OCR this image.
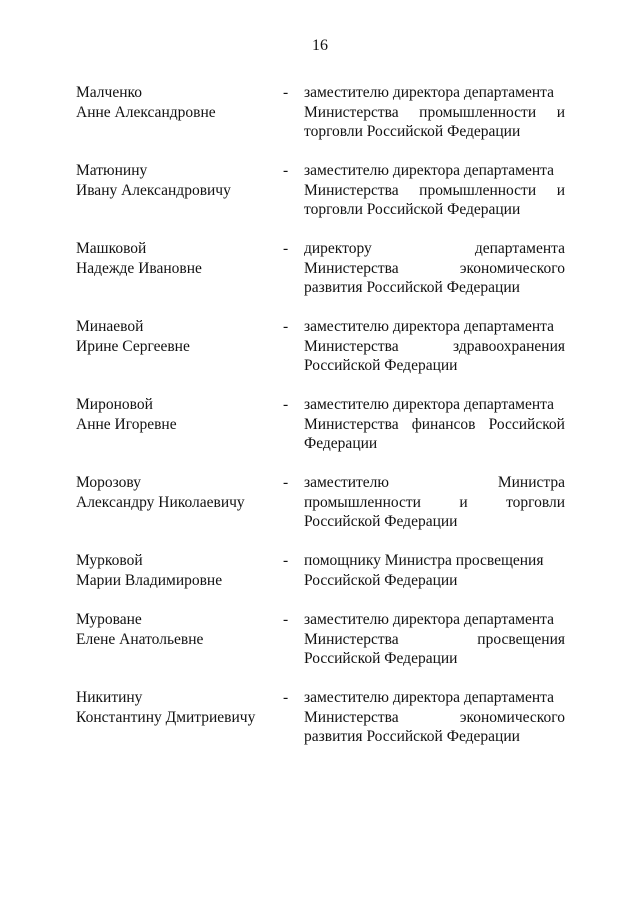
16
Малченко
Анне Александровне
- заместителю директора департамента
Министерства промышленности и
торговли Российской Федерации
Матюнину
Ивану Александровичу
- заместителю директора департамента
Министерства промышленности и
торговли Российской Федерации
Машковой
Надежде Ивановне
- директору	департамента
Министерства	экономического
развития Российской Федерации
Минаевой
Ирине Сергеевне
- заместителю директора департамента
Министерства	здравоохранения
Российской Федерации
Мироновой
Анне Игоревне
- заместителю директора департамента
Министерства финансов Российской
Федерации
Морозову
Александру Николаевичу
- заместителю	Министра
промышленности и торговли
Российской Федерации
Мурковой
Марии Владимировне
- помощнику Министра просвещения
Российской Федерации
Муроване
Елене Анатольевне
- заместителю директора департамента
Министерства	просвещения
Российской Федерации
Никитину
Константину Дмитриевичу
- заместителю директора департамента
Министерства	экономического
развития Российской Федерации
